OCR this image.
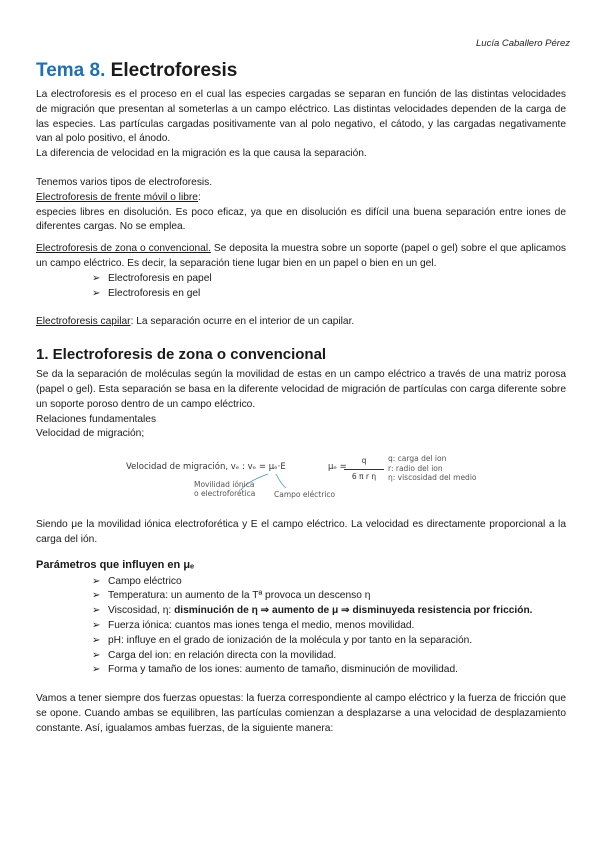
Lucía Caballero Pérez
Tema 8. Electroforesis

La electroforesis es el proceso en el cual las especies cargadas se separan en función de las distintas velocidades de migración que presentan al someterlas a un campo eléctrico. Las distintas velocidades dependen de la carga de las especies. Las partículas cargadas positivamente van al polo negativo, el cátodo, y las cargadas negativamente van al polo positivo, el ánodo.

La diferencia de velocidad en la migración es la que causa la separación.

Tenemos varios tipos de electroforesis.

Electroforesis de frente móvil o libre:

especies libres en disolución. Es poco eficaz, ya que en disolución es difícil una buena separación entre iones de diferentes cargas. No se emplea.

Electroforesis de zona o convencional. Se deposita la muestra sobre un soporte (papel o gel) sobre el que aplicamos un campo eléctrico. Es decir, la separación tiene lugar bien en un papel o bien en un gel.

➢ Electroforesis en papel
➢ Electroforesis en gel

Electroforesis capilar: La separación ocurre en el interior de un capilar.

1. Electroforesis de zona o convencional

Se da la separación de moléculas según la movilidad de estas en un campo eléctrico a través de una matriz porosa (papel o gel). Esta separación se basa en la diferente velocidad de migración de partículas con carga diferente sobre un soporte poroso dentro de un campo eléctrico.

Relaciones fundamentales

Velocidad de migración;

Velocidad de migración, vₑ : vₑ = μₑ·E
Movilidad iónica
o electroforética Campo eléctrico
μₑ =
$\frac{q}{\text{6 π r η}} q$: carga del ion
r: radio del ion
η: viscosidad del medio

Siendo μe la movilidad iónica electroforética y E el campo eléctrico. La velocidad es directamente proporcional a la carga del ión.

Parámetros que influyen en μₑ
➢ Campo eléctrico
➢ Temperatura: un aumento de la Tª provoca un descenso η
➢ Viscosidad, η: disminución de η ⇒ aumento de μ ⇒ disminuyeda resistencia por fricción.
➢ Fuerza iónica: cuantos mas iones tenga el medio, menos movilidad.
➢ pH: influye en el grado de ionización de la molécula y por tanto en la separación.
➢ Carga del ion: en relación directa con la movilidad.
➢ Forma y tamaño de los iones: aumento de tamaño, disminución de movilidad.

Vamos a tener siempre dos fuerzas opuestas: la fuerza correspondiente al campo eléctrico y la fuerza de fricción que se opone. Cuando ambas se equilibren, las partículas comienzan a desplazarse a una velocidad de desplazamiento constante. Así, igualamos ambas fuerzas, de la siguiente manera:
